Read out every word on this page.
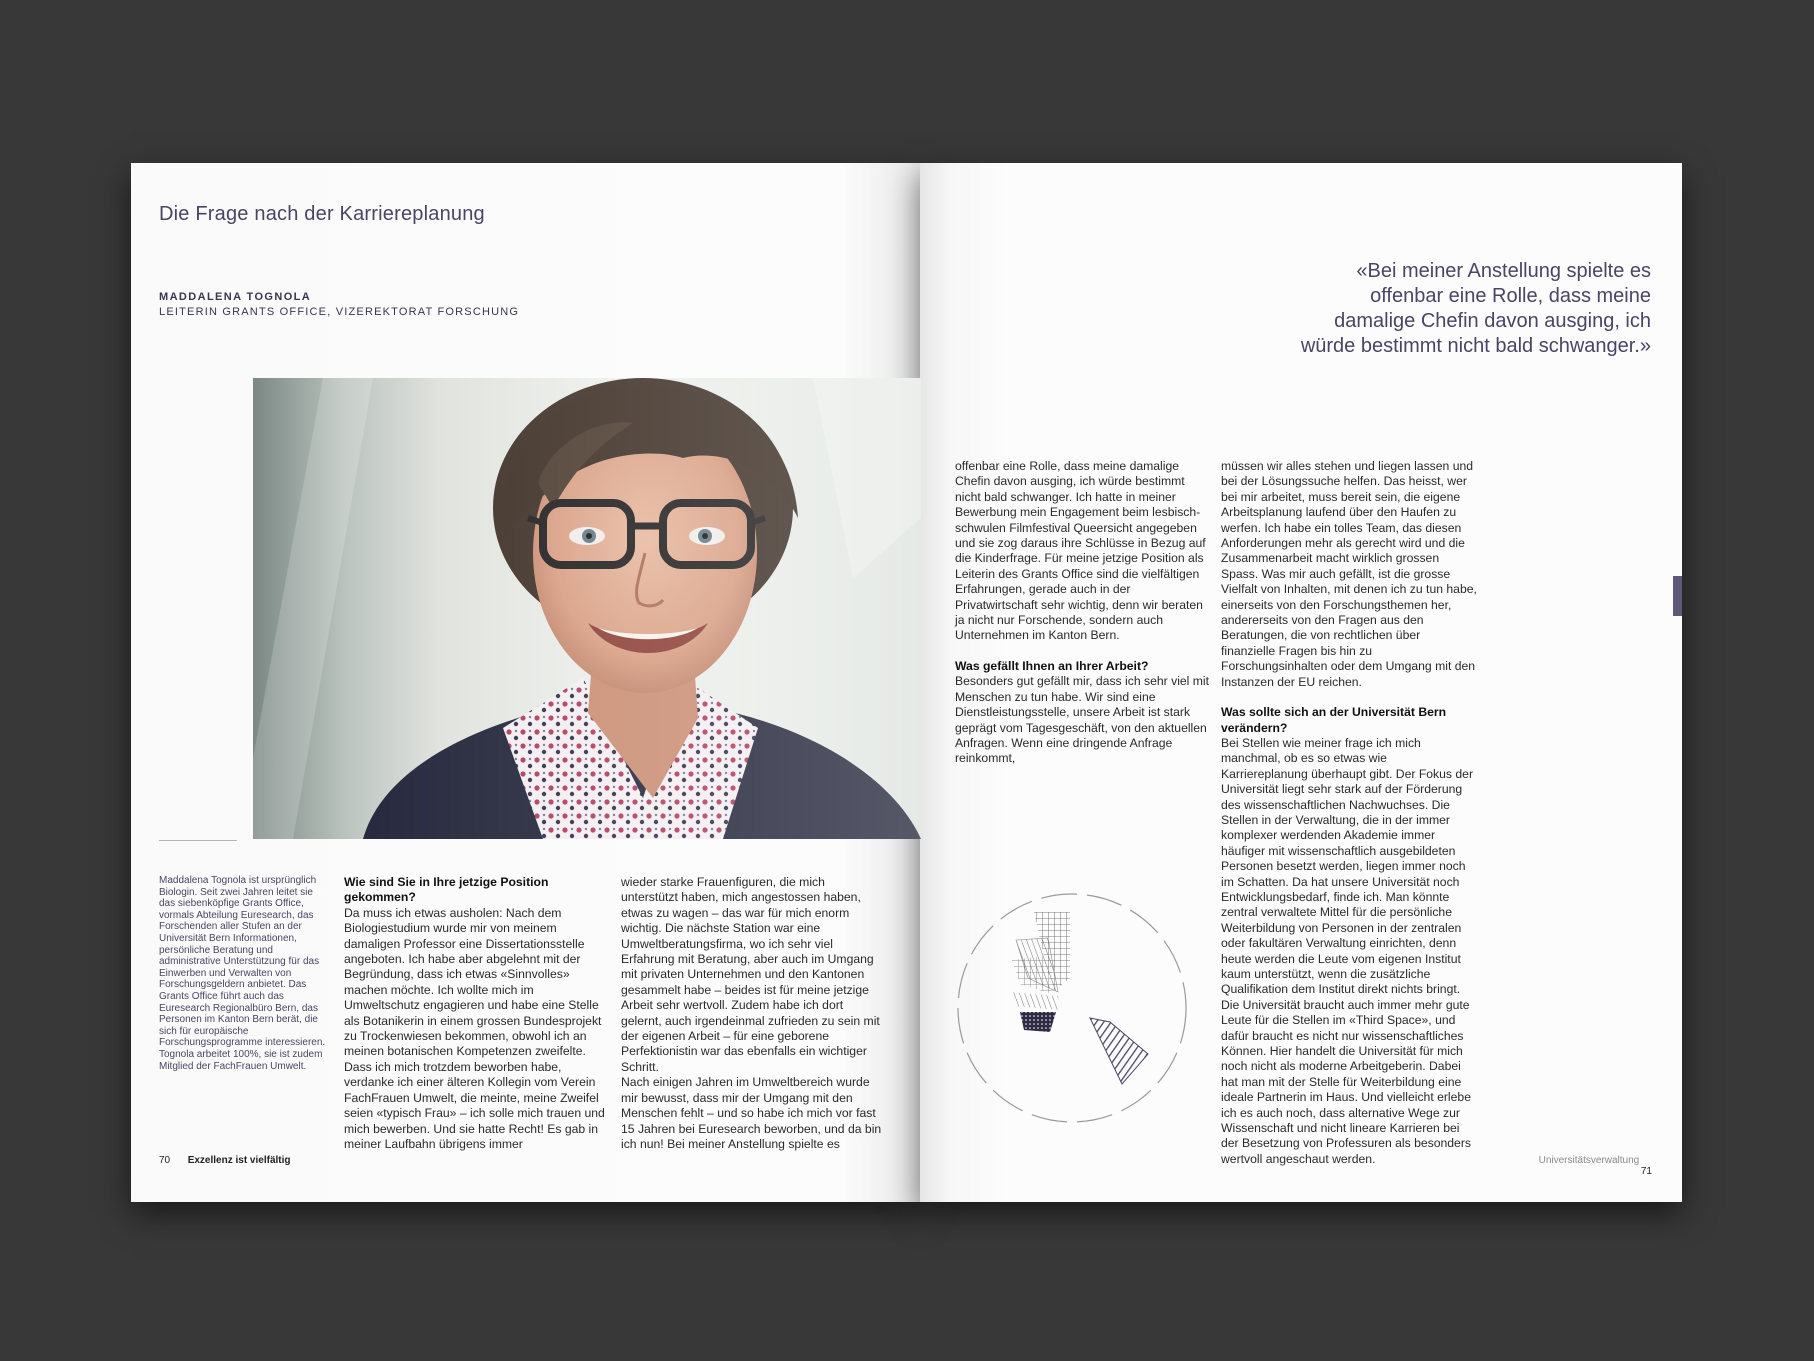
Die Frage nach der Karriereplanung
MADDALENA TOGNOLA
LEITERIN GRANTS OFFICE, VIZEREKTORAT FORSCHUNG
Maddalena Tognola ist ursprünglich Biologin. Seit zwei Jahren leitet sie das siebenköpfige Grants Office, vormals Abteilung Euresearch, das Forschenden aller Stufen an der Universität Bern Informationen, persönliche Beratung und administrative Unterstützung für das Einwerben und Verwalten von Forschungsgeldern anbietet. Das Grants Office führt auch das Euresearch Regionalbüro Bern, das Personen im Kanton Bern berät, die sich für europäische Forschungsprogramme interessieren. Tognola arbeitet 100%, sie ist zudem Mitglied der FachFrauen Umwelt.
Wie sind Sie in Ihre jetzige Position gekommen?

Da muss ich etwas ausholen: Nach dem Biologiestudium wurde mir von meinem damaligen Professor eine Dissertationsstelle angeboten. Ich habe aber abgelehnt mit der Begründung, dass ich etwas «Sinnvolles» machen möchte. Ich wollte mich im Umweltschutz engagieren und habe eine Stelle als Botanikerin in einem grossen Bundesprojekt zu Trockenwiesen bekommen, obwohl ich an meinen botanischen Kompetenzen zweifelte. Dass ich mich trotzdem beworben habe, verdanke ich einer älteren Kollegin vom Verein FachFrauen Umwelt, die meinte, meine Zweifel seien «typisch Frau» – ich solle mich trauen und mich bewerben. Und sie hatte Recht! Es gab in meiner Laufbahn übrigens immer

wieder starke Frauenfiguren, die mich unterstützt haben, mich angestossen haben, etwas zu wagen – das war für mich enorm wichtig. Die nächste Station war eine Umweltberatungsfirma, wo ich sehr viel Erfahrung mit Beratung, aber auch im Umgang mit privaten Unternehmen und den Kantonen gesammelt habe – beides ist für meine jetzige Arbeit sehr wertvoll. Zudem habe ich dort gelernt, auch irgendeinmal zufrieden zu sein mit der eigenen Arbeit – für eine geborene Perfektionistin war das ebenfalls ein wichtiger Schritt.

Nach einigen Jahren im Umweltbereich wurde mir bewusst, dass mir der Umgang mit den Menschen fehlt – und so habe ich mich vor fast 15 Jahren bei Euresearch beworben, und da bin ich nun! Bei meiner Anstellung spielte es

70 Exzellenz ist vielfältig
«Bei meiner Anstellung spielte es offenbar eine Rolle, dass meine damalige Chefin davon ausging, ich würde bestimmt nicht bald schwanger.»

offenbar eine Rolle, dass meine damalige Chefin davon ausging, ich würde bestimmt nicht bald schwanger. Ich hatte in meiner Bewerbung mein Engagement beim lesbisch-schwulen Filmfestival Queersicht angegeben und sie zog daraus ihre Schlüsse in Bezug auf die Kinderfrage. Für meine jetzige Position als Leiterin des Grants Office sind die vielfältigen Erfahrungen, gerade auch in der Privatwirtschaft sehr wichtig, denn wir beraten ja nicht nur Forschende, sondern auch Unternehmen im Kanton Bern.

Was gefällt Ihnen an Ihrer Arbeit?

Besonders gut gefällt mir, dass ich sehr viel mit Menschen zu tun habe. Wir sind eine Dienstleistungsstelle, unsere Arbeit ist stark geprägt vom Tagesgeschäft, von den aktuellen Anfragen. Wenn eine dringende Anfrage reinkommt,

müssen wir alles stehen und liegen lassen und bei der Lösungssuche helfen. Das heisst, wer bei mir arbeitet, muss bereit sein, die eigene Arbeitsplanung laufend über den Haufen zu werfen. Ich habe ein tolles Team, das diesen Anforderungen mehr als gerecht wird und die Zusammenarbeit macht wirklich grossen Spass. Was mir auch gefällt, ist die grosse Vielfalt von Inhalten, mit denen ich zu tun habe, einerseits von den Forschungsthemen her, andererseits von den Fragen aus den Beratungen, die von rechtlichen über finanzielle Fragen bis hin zu Forschungsinhalten oder dem Umgang mit den Instanzen der EU reichen.

Was sollte sich an der Universität Bern verändern?

Bei Stellen wie meiner frage ich mich manchmal, ob es so etwas wie Karriereplanung überhaupt gibt. Der Fokus der Universität liegt sehr stark auf der Förderung des wissenschaftlichen Nachwuchses. Die Stellen in der Verwaltung, die in der immer komplexer werdenden Akademie immer häufiger mit wissenschaftlich ausgebildeten Personen besetzt werden, liegen immer noch im Schatten. Da hat unsere Universität noch Entwicklungsbedarf, finde ich. Man könnte zentral verwaltete Mittel für die persönliche Weiterbildung von Personen in der zentralen oder fakultären Verwaltung einrichten, denn heute werden die Leute vom eigenen Institut kaum unterstützt, wenn die zusätzliche Qualifikation dem Institut direkt nichts bringt. Die Universität braucht auch immer mehr gute Leute für die Stellen im «Third Space», und dafür braucht es nicht nur wissenschaftliches Können. Hier handelt die Universität für mich noch nicht als moderne Arbeitgeberin. Dabei hat man mit der Stelle für Weiterbildung eine ideale Partnerin im Haus. Und vielleicht erlebe ich es auch noch, dass alternative Wege zur Wissenschaft und nicht lineare Karrieren bei der Besetzung von Professuren als besonders wertvoll angeschaut werden.	Universitätsverwaltung  71
